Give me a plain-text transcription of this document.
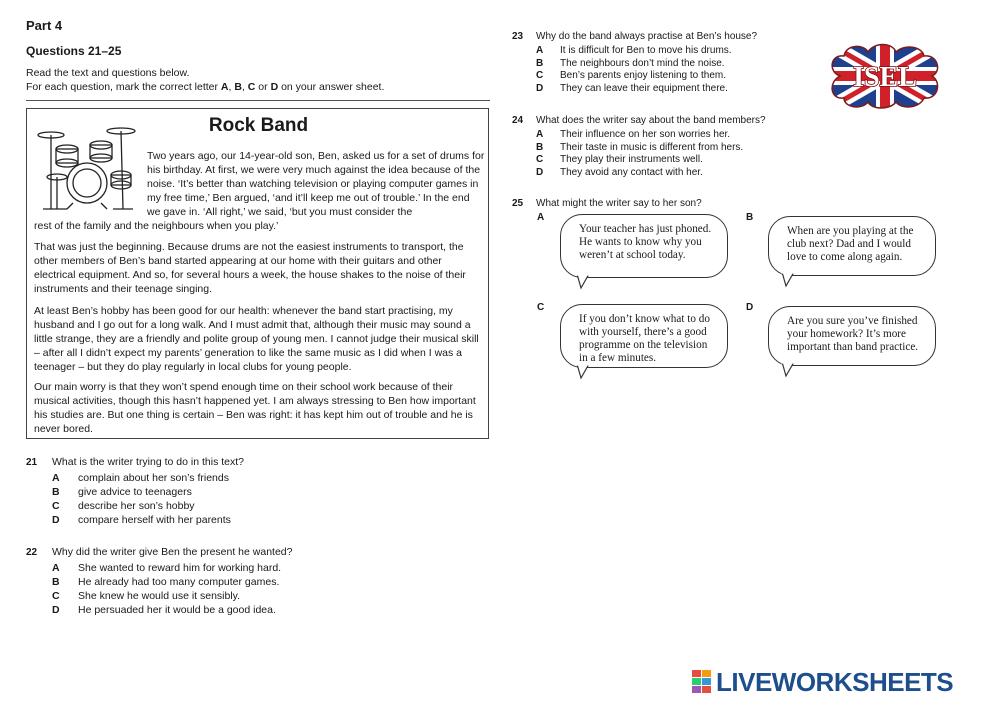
Part 4
Questions 21–25
Read the text and questions below.
For each question, mark the correct letter A, B, C or D on your answer sheet.
Rock Band
Two years ago, our 14-year-old son, Ben, asked us for a set of drums for his birthday. At first, we were very much against the idea because of the noise. ‘It’s better than watching television or playing computer games in my free time,’ Ben argued, ‘and it’ll keep me out of trouble.’ In the end we gave in. ‘All right,’ we said, ‘but you must consider the
rest of the family and the neighbours when you play.’
That was just the beginning. Because drums are not the easiest instruments to transport, the other members of Ben’s band started appearing at our home with their guitars and other electrical equipment. And so, for several hours a week, the house shakes to the noise of their instruments and their teenage singing.
At least Ben’s hobby has been good for our health: whenever the band start practising, my husband and I go out for a long walk. And I must admit that, although their music may sound a little strange, they are a friendly and polite group of young men. I cannot judge their musical skill – after all I didn’t expect my parents’ generation to like the same music as I did when I was a teenager – but they do play regularly in local clubs for young people.
Our main worry is that they won’t spend enough time on their school work because of their musical activities, though this hasn’t happened yet. I am always stressing to Ben how important his studies are. But one thing is certain – Ben was right: it has kept him out of trouble and he is never bored.
21 What is the writer trying to do in this text?
A complain about her son’s friends
B give advice to teenagers
C describe her son’s hobby
D compare herself with her parents
22 Why did the writer give Ben the present he wanted?
A She wanted to reward him for working hard.
B He already had too many computer games.
C She knew he would use it sensibly.
D He persuaded her it would be a good idea.
23 Why do the band always practise at Ben’s house?
A It is difficult for Ben to move his drums.
B The neighbours don’t mind the noise.
C Ben’s parents enjoy listening to them.
D They can leave their equipment there.
24 What does the writer say about the band members?
A Their influence on her son worries her.
B Their taste in music is different from hers.
C They play their instruments well.
D They avoid any contact with her.
25 What might the writer say to her son?
A
Your teacher has just phoned. He wants to know why you weren’t at school today.
B
When are you playing at the club next? Dad and I would love to come along again.
C
If you don’t know what to do with yourself, there’s a good programme on the television in a few minutes.
D
Are you sure you’ve finished your homework? It’s more important than band practice.
ISEL
LIVEWORKSHEETS
